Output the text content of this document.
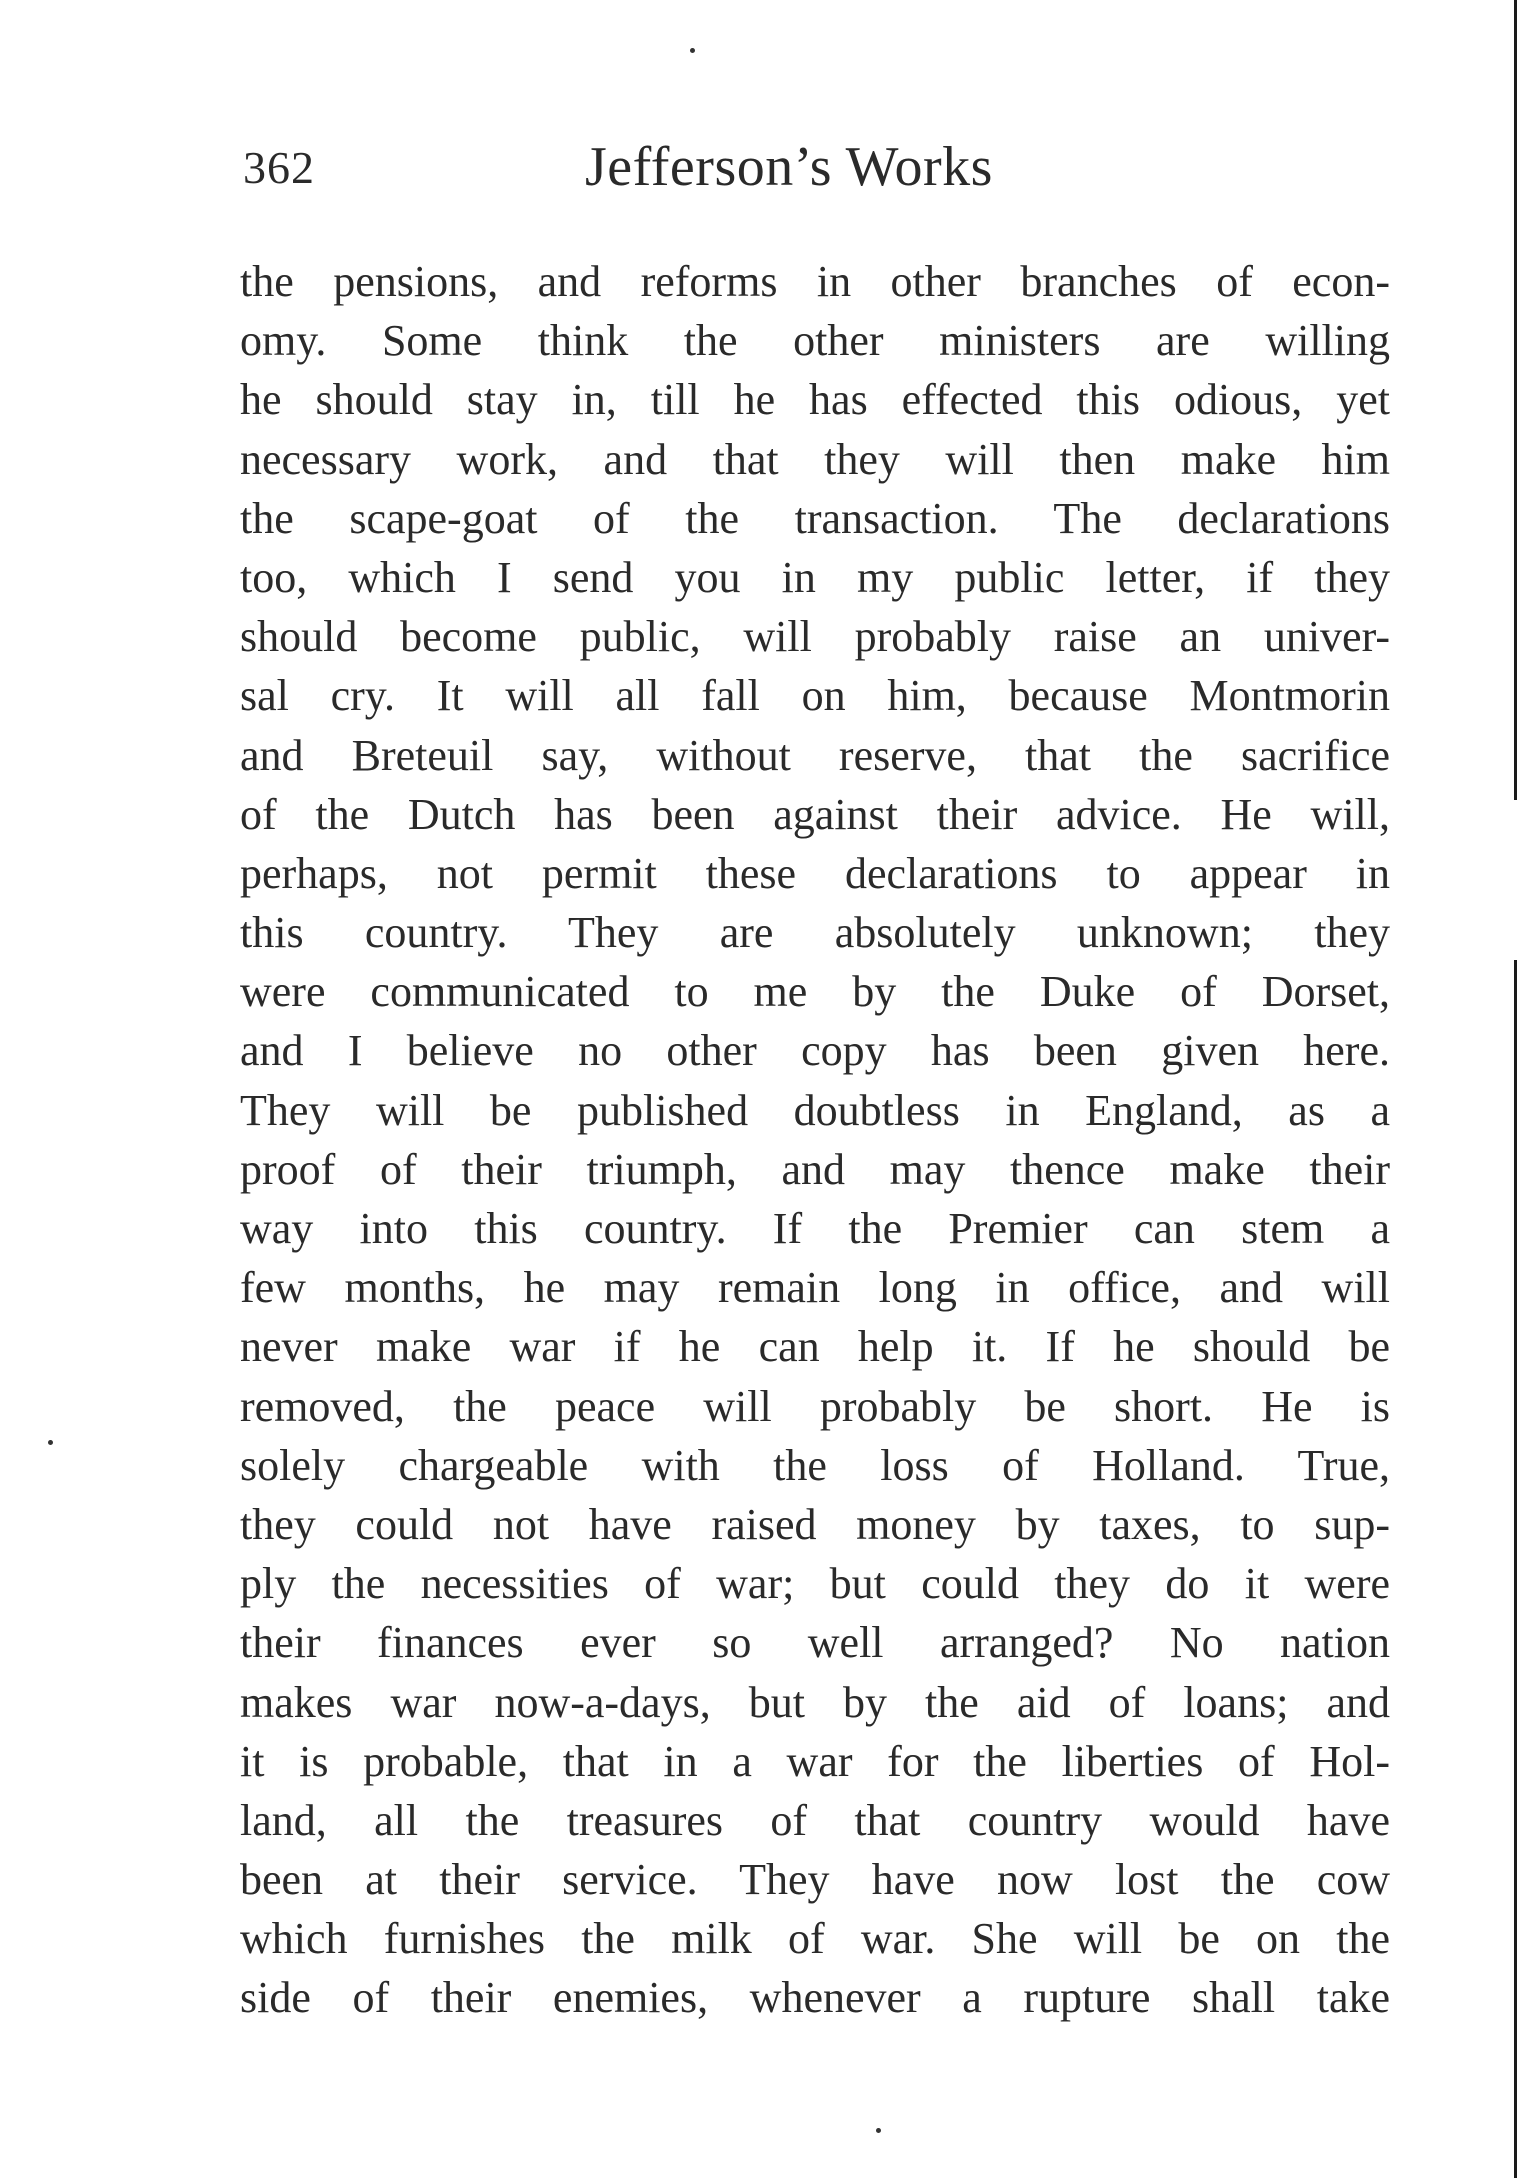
362	Jefferson’s Works
the pensions, and reforms in other branches of econ-
omy. Some think the other ministers are willing
he should stay in, till he has effected this odious, yet
necessary work, and that they will then make him
the scape-goat of the transaction. The declarations
too, which I send you in my public letter, if they
should become public, will probably raise an univer-
sal cry. It will all fall on him, because Montmorin
and Breteuil say, without reserve, that the sacrifice
of the Dutch has been against their advice. He will,
perhaps, not permit these declarations to appear in
this country. They are absolutely unknown; they
were communicated to me by the Duke of Dorset,
and I believe no other copy has been given here.
They will be published doubtless in England, as a
proof of their triumph, and may thence make their
way into this country. If the Premier can stem a
few months, he may remain long in office, and will
never make war if he can help it. If he should be
removed, the peace will probably be short. He is
solely chargeable with the loss of Holland. True,
they could not have raised money by taxes, to sup-
ply the necessities of war; but could they do it were
their finances ever so well arranged? No nation
makes war now-a-days, but by the aid of loans; and
it is probable, that in a war for the liberties of Hol-
land, all the treasures of that country would have
been at their service. They have now lost the cow
which furnishes the milk of war. She will be on the
side of their enemies, whenever a rupture shall take
